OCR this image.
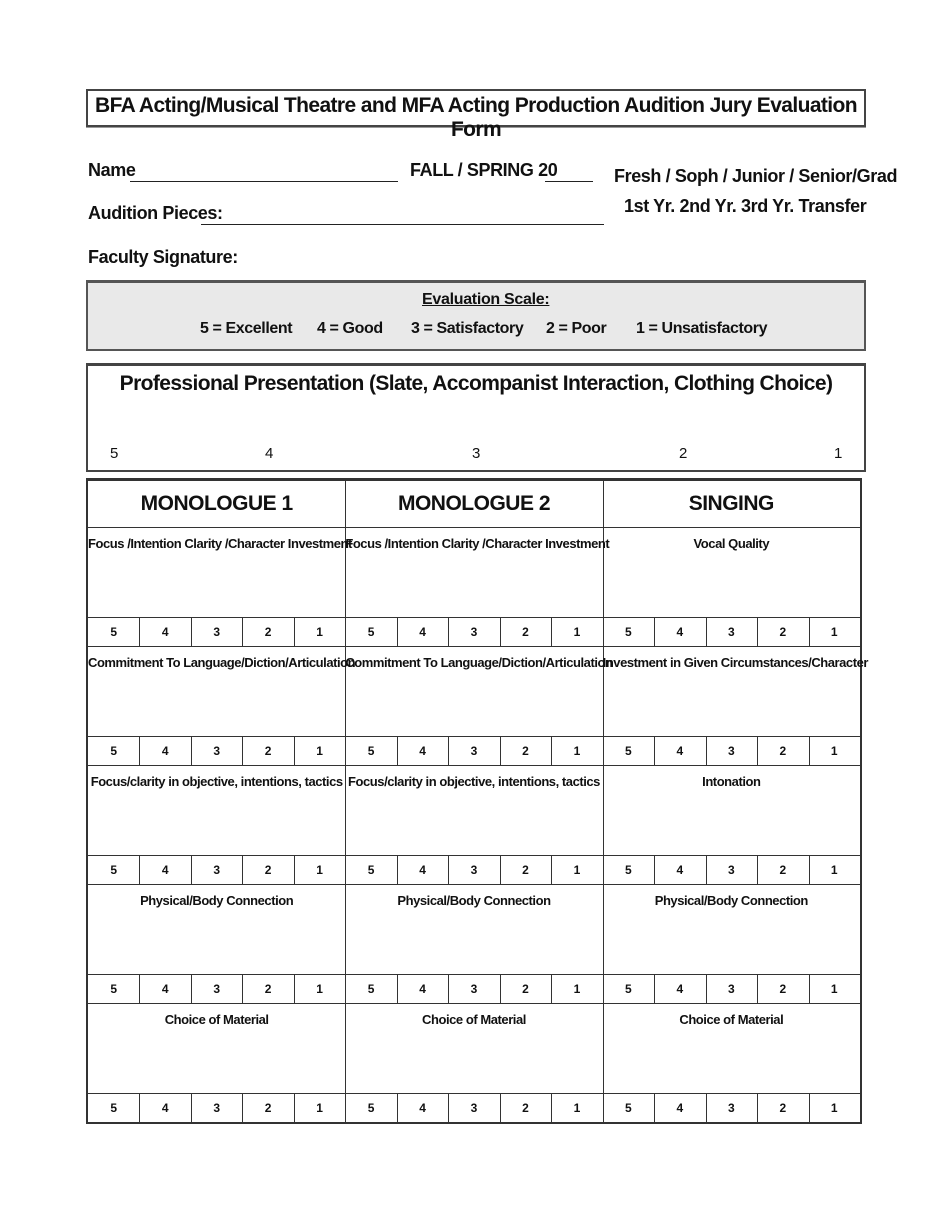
BFA Acting/Musical Theatre and MFA Acting Production Audition Jury Evaluation Form
Name	FALL / SPRING 20	Fresh / Soph / Junior / Senior/Grad
1st Yr. 2nd Yr. 3rd Yr. Transfer
Audition Pieces:
Faculty Signature:
Evaluation Scale:
5 = Excellent 4 = Good 3 = Satisfactory 2 = Poor 1 = Unsatisfactory
Professional Presentation (Slate, Accompanist Interaction, Clothing Choice)
5	4	3	2	1
MONOLOGUE 1	MONOLOGUE 2	SINGING
Focus /Intention Clarity /Character Investment
5	4	3	2	1
Focus /Intention Clarity /Character Investment
5	4	3	2	1
Vocal Quality
5	4	3	2	1
Commitment To Language/Diction/Articulation
5	4	3	2	1
Commitment To Language/Diction/Articulation
5	4	3	2	1
Investment in Given Circumstances/Character
5	4	3	2	1
Focus/clarity in objective, intentions, tactics
5	4	3	2	1
Focus/clarity in objective, intentions, tactics
5	4	3	2	1
Intonation
5	4	3	2	1
Physical/Body Connection
5	4	3	2	1
Physical/Body Connection
5	4	3	2	1
Physical/Body Connection
5	4	3	2	1
Choice of Material
5	4	3	2	1
Choice of Material
5	4	3	2	1
Choice of Material
5	4	3	2	1
